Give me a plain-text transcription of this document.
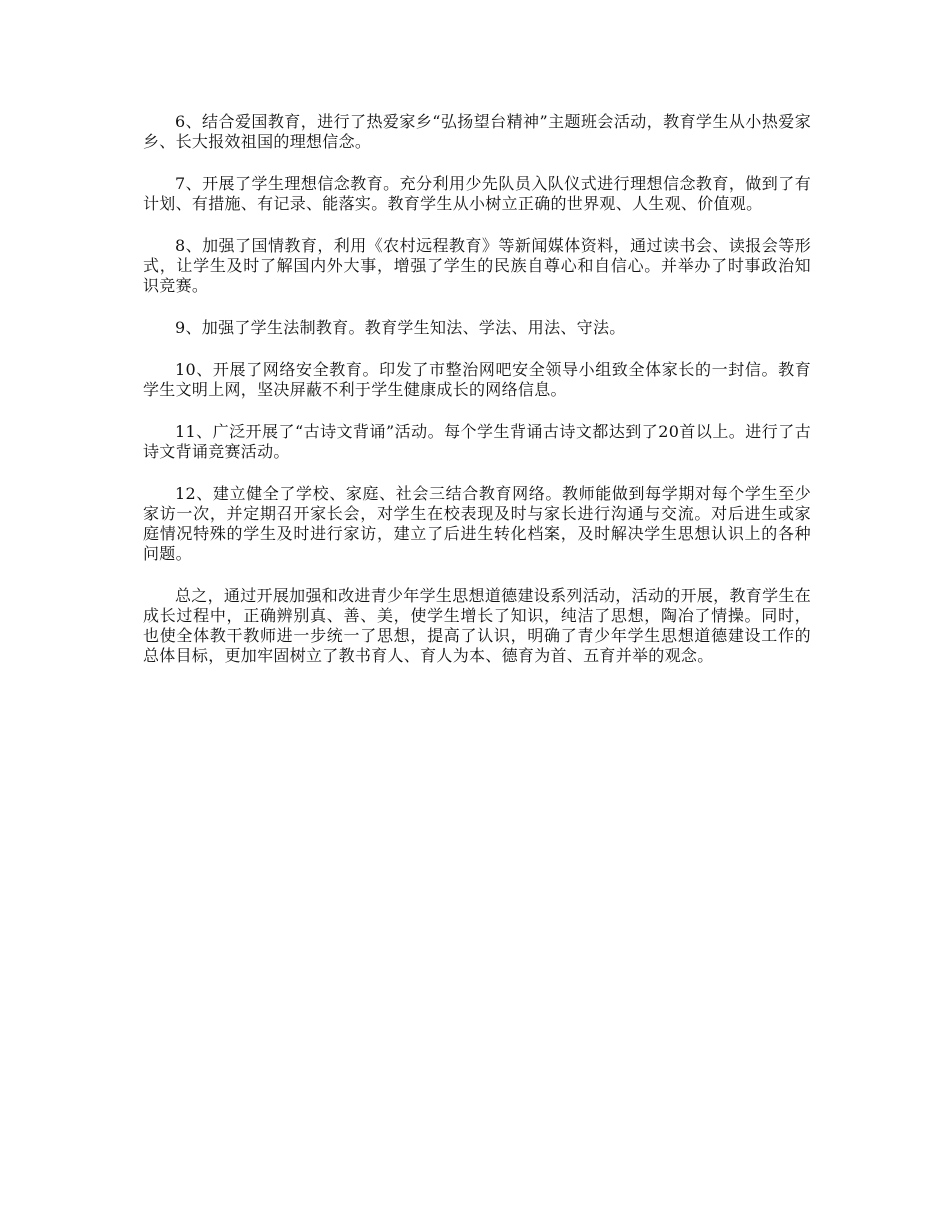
6、结合爱国教育，进行了热爱家乡“弘扬望台精神”主题班会活动，教育学生从小热爱家乡、长大报效祖国的理想信念。

7、开展了学生理想信念教育。充分利用少先队员入队仪式进行理想信念教育，做到了有计划、有措施、有记录、能落实。教育学生从小树立正确的世界观、人生观、价值观。

8、加强了国情教育，利用《农村远程教育》等新闻媒体资料，通过读书会、读报会等形式，让学生及时了解国内外大事，增强了学生的民族自尊心和自信心。并举办了时事政治知识竞赛。

9、加强了学生法制教育。教育学生知法、学法、用法、守法。

10、开展了网络安全教育。印发了市整治网吧安全领导小组致全体家长的一封信。教育学生文明上网，坚决屏蔽不利于学生健康成长的网络信息。

11、广泛开展了“古诗文背诵”活动。每个学生背诵古诗文都达到了20首以上。进行了古诗文背诵竞赛活动。

12、建立健全了学校、家庭、社会三结合教育网络。教师能做到每学期对每个学生至少家访一次，并定期召开家长会，对学生在校表现及时与家长进行沟通与交流。对后进生或家庭情况特殊的学生及时进行家访，建立了后进生转化档案，及时解决学生思想认识上的各种问题。

总之，通过开展加强和改进青少年学生思想道德建设系列活动，活动的开展，教育学生在成长过程中，正确辨别真、善、美，使学生增长了知识，纯洁了思想，陶冶了情操。同时，也使全体教干教师进一步统一了思想，提高了认识，明确了青少年学生思想道德建设工作的总体目标，更加牢固树立了教书育人、育人为本、德育为首、五育并举的观念。
